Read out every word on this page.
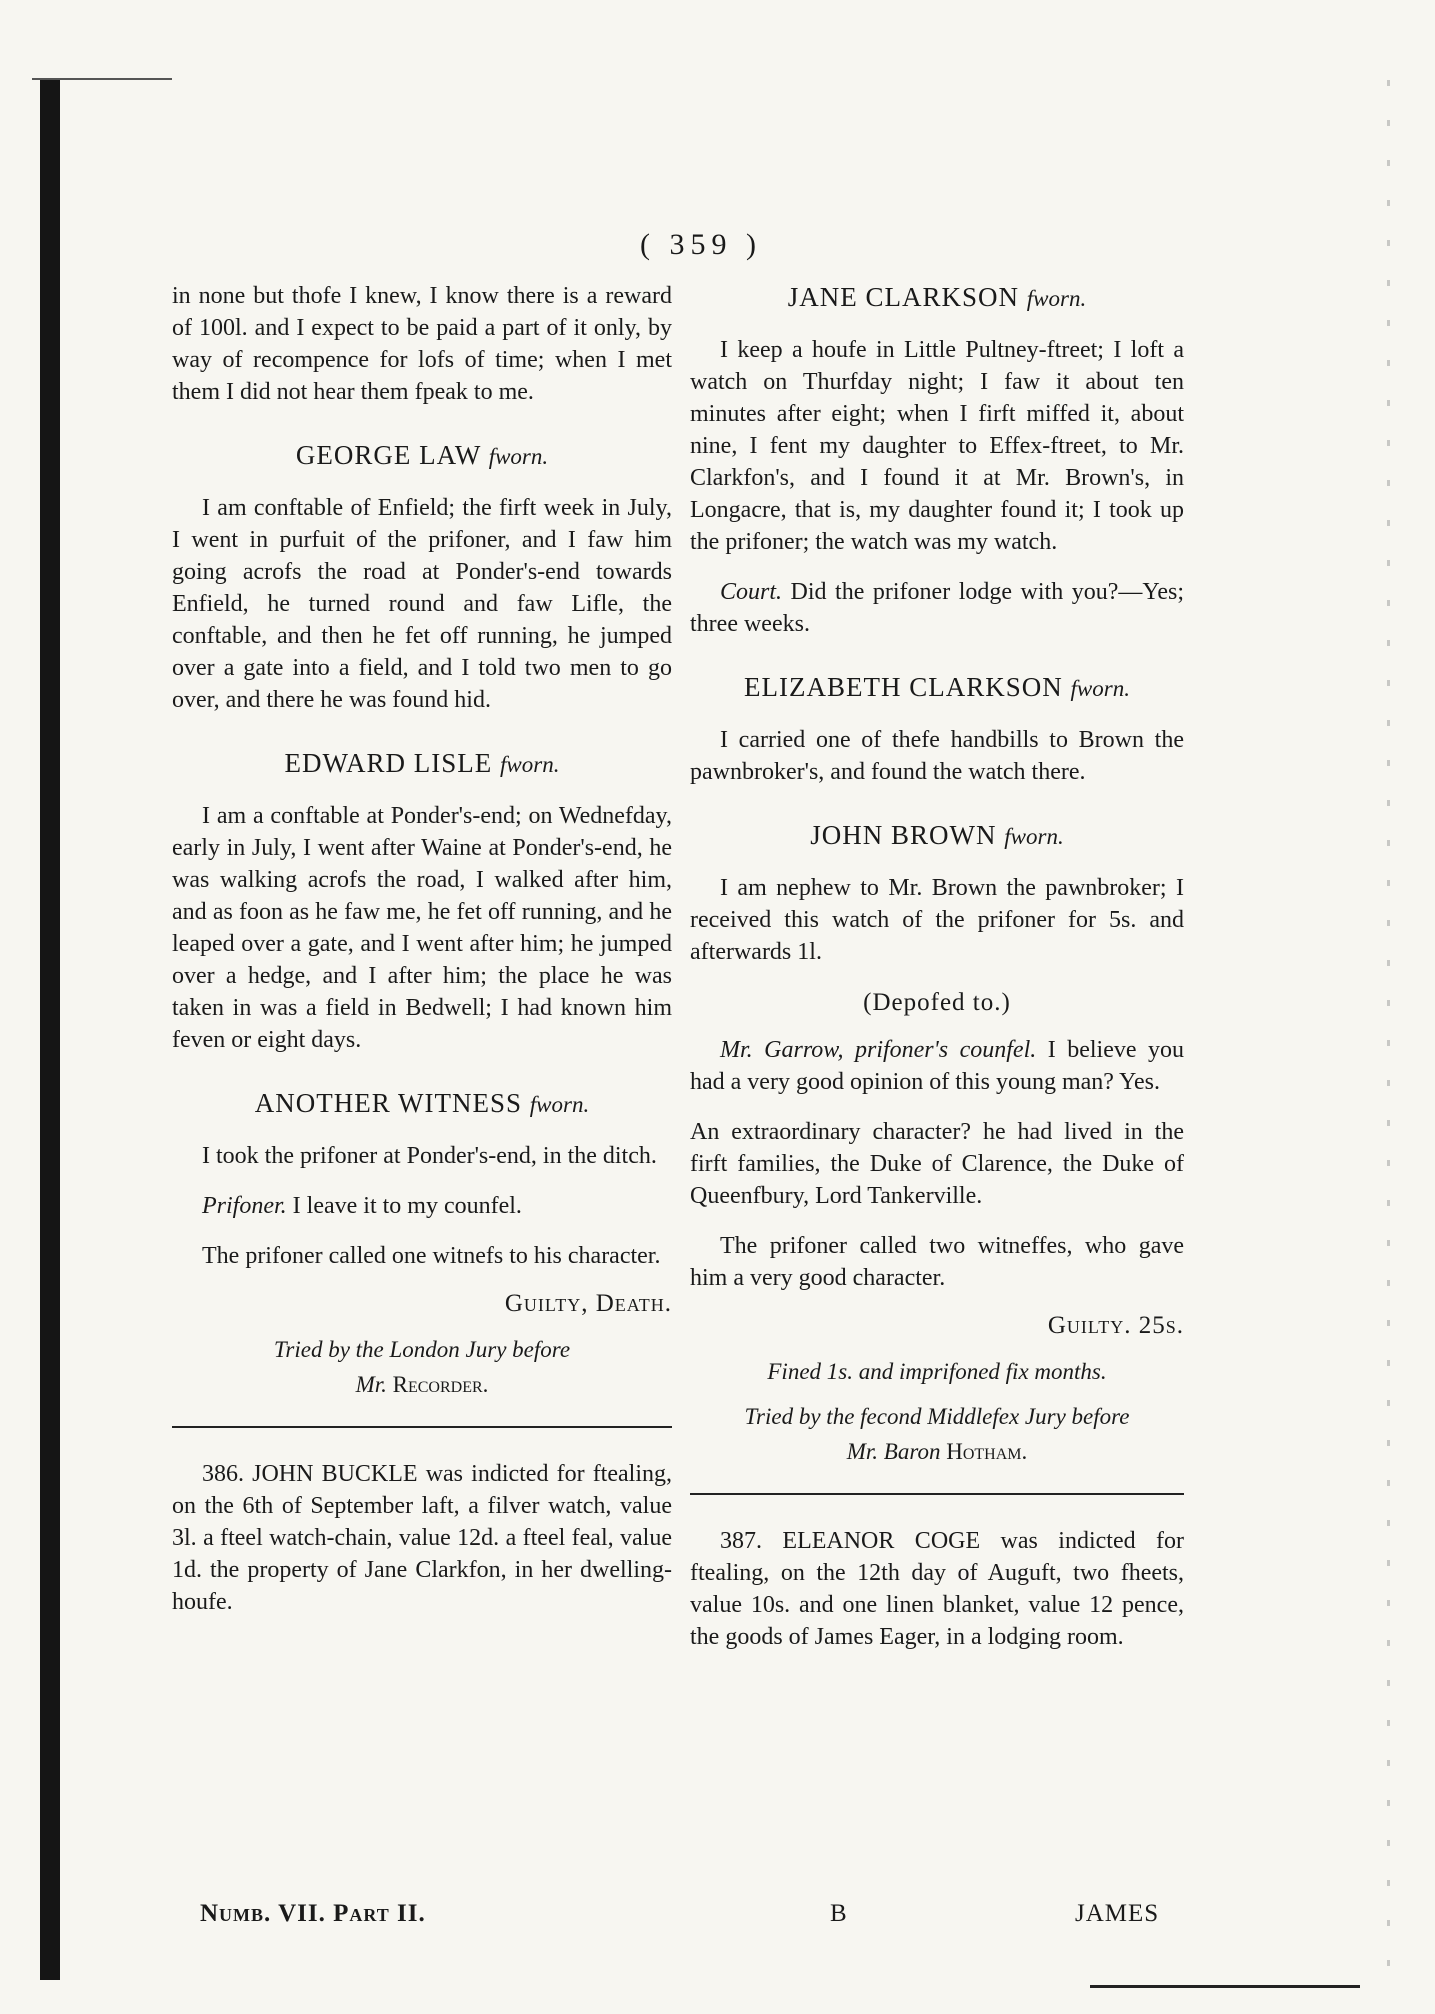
( 359 )

in none but thofe I knew, I know there is a reward of 100l. and I expect to be paid a part of it only, by way of recompence for lofs of time; when I met them I did not hear them fpeak to me.

GEORGE LAW fworn.

I am conftable of Enfield; the firft week in July, I went in purfuit of the prifoner, and I faw him going acrofs the road at Ponder's-end towards Enfield, he turned round and faw Lifle, the conftable, and then he fet off running, he jumped over a gate into a field, and I told two men to go over, and there he was found hid.

EDWARD LISLE fworn.

I am a conftable at Ponder's-end; on Wednefday, early in July, I went after Waine at Ponder's-end, he was walking acrofs the road, I walked after him, and as foon as he faw me, he fet off running, and he leaped over a gate, and I went after him; he jumped over a hedge, and I after him; the place he was taken in was a field in Bedwell; I had known him feven or eight days.

ANOTHER WITNESS fworn.

I took the prifoner at Ponder's-end, in the ditch.

Prifoner. I leave it to my counfel.

The prifoner called one witnefs to his character.

Guilty, Death.
Tried by the London Jury before
Mr. Recorder.

386. JOHN BUCKLE was indicted for ftealing, on the 6th of September laft, a filver watch, value 3l. a fteel watch-chain, value 12d. a fteel feal, value 1d. the property of Jane Clarkfon, in her dwelling-houfe.

JANE CLARKSON fworn.

I keep a houfe in Little Pultney-ftreet; I loft a watch on Thurfday night; I faw it about ten minutes after eight; when I firft miffed it, about nine, I fent my daughter to Effex-ftreet, to Mr. Clarkfon's, and I found it at Mr. Brown's, in Longacre, that is, my daughter found it; I took up the prifoner; the watch was my watch.

Court. Did the prifoner lodge with you?—Yes; three weeks.

ELIZABETH CLARKSON fworn.

I carried one of thefe handbills to Brown the pawnbroker's, and found the watch there.

JOHN BROWN fworn.

I am nephew to Mr. Brown the pawnbroker; I received this watch of the prifoner for 5s. and afterwards 1l.

(Depofed to.)

Mr. Garrow, prifoner's counfel. I believe you had a very good opinion of this young man? Yes.

An extraordinary character? he had lived in the firft families, the Duke of Clarence, the Duke of Queenfbury, Lord Tankerville.

The prifoner called two witneffes, who gave him a very good character.

Guilty. 25s.
Fined 1s. and imprifoned fix months.
Tried by the fecond Middlefex Jury before
Mr. Baron Hotham.

387. ELEANOR COGE was indicted for ftealing, on the 12th day of Auguft, two fheets, value 10s. and one linen blanket, value 12 pence, the goods of James Eager, in a lodging room.

Numb. VII. Part II.	B	JAMES
